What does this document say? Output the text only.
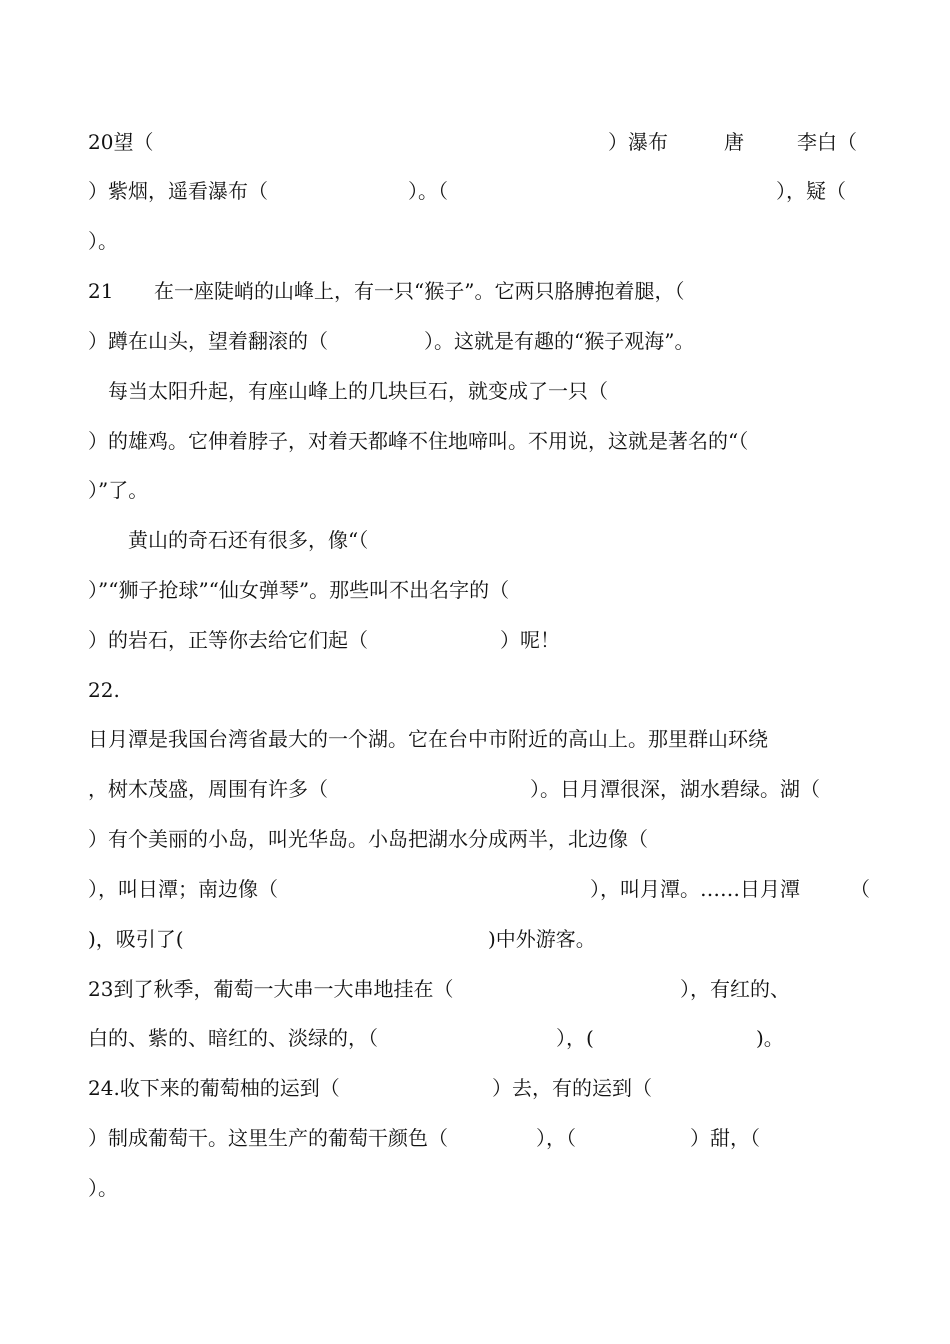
20望（	）瀑布	唐	李白（
）紫烟，遥看瀑布（	）。（	），疑（
）。
21 在一座陡峭的山峰上，有一只“猴子”。它两只胳膊抱着腿，（
）蹲在山头，望着翻滚的（	）。这就是有趣的“猴子观海”。
每当太阳升起，有座山峰上的几块巨石，就变成了一只（
）的雄鸡。它伸着脖子，对着天都峰不住地啼叫。不用说，这就是著名的“（
）”了。
黄山的奇石还有很多，像“（
）”“狮子抢球”“仙女弹琴”。那些叫不出名字的（
）的岩石，正等你去给它们起（	）呢！
22.
日月潭是我国台湾省最大的一个湖。它在台中市附近的高山上。那里群山环绕
，树木茂盛，周围有许多（	）。日月潭很深，湖水碧绿。湖（
）有个美丽的小岛，叫光华岛。小岛把湖水分成两半，北边像（
），叫日潭；南边像（	），叫月潭。……日月潭	（
)，吸引了(	)中外游客。
23到了秋季，葡萄一大串一大串地挂在（	），有红的、
白的、紫的、暗红的、淡绿的，（	），(	)。
24.收下来的葡萄柚的运到（	）去，有的运到（
）制成葡萄干。这里生产的葡萄干颜色（	），（	）甜，（
）。
